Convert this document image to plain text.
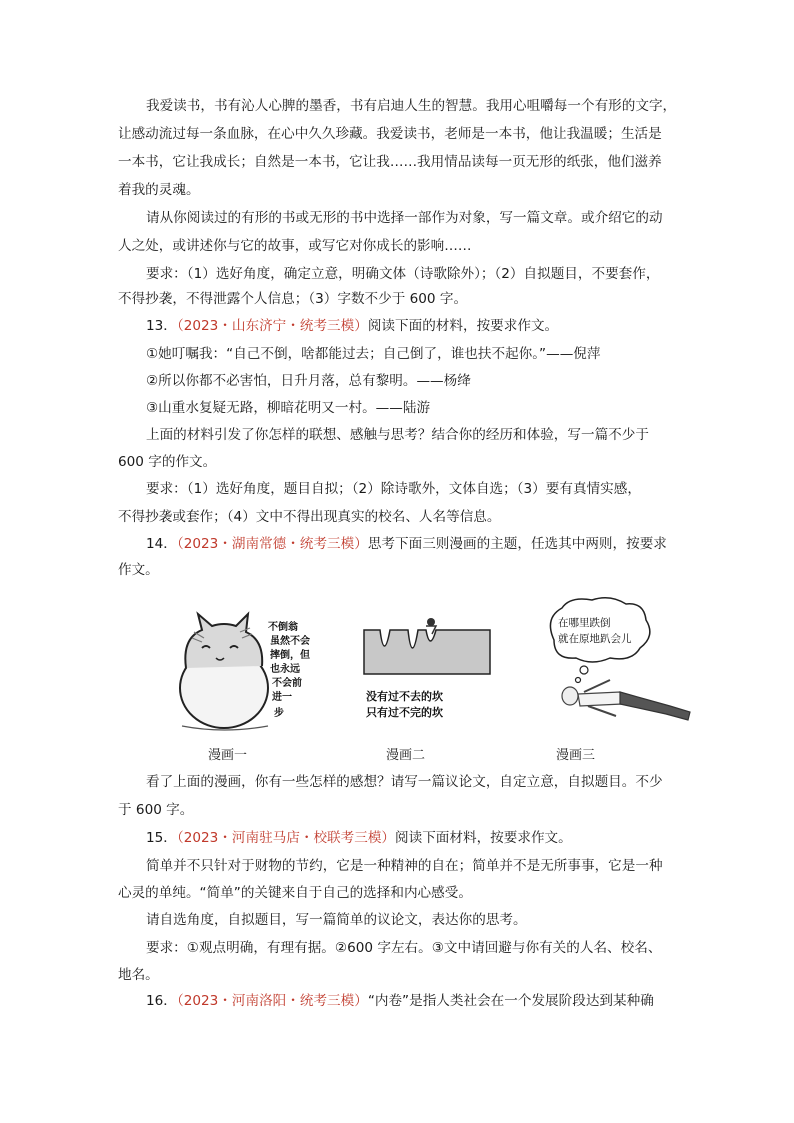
我爱读书，书有沁人心脾的墨香，书有启迪人生的智慧。我用心咀嚼每一个有形的文字，
让感动流过每一条血脉，在心中久久珍藏。我爱读书，老师是一本书，他让我温暖；生活是
一本书，它让我成长；自然是一本书，它让我……我用情品读每一页无形的纸张，他们滋养
着我的灵魂。
请从你阅读过的有形的书或无形的书中选择一部作为对象，写一篇文章。或介绍它的动
人之处，或讲述你与它的故事，或写它对你成长的影响……
要求：（1）选好角度，确定立意，明确文体（诗歌除外）；（2）自拟题目，不要套作，
不得抄袭，不得泄露个人信息；（3）字数不少于 600 字。
13．（2023・山东济宁・统考三模）阅读下面的材料，按要求作文。
①她叮嘱我：“自己不倒，啥都能过去；自己倒了，谁也扶不起你。”——倪萍
②所以你都不必害怕，日升月落，总有黎明。——杨绛
③山重水复疑无路，柳暗花明又一村。——陆游
上面的材料引发了你怎样的联想、感触与思考？结合你的经历和体验，写一篇不少于
600 字的作文。
要求：（1）选好角度，题目自拟；（2）除诗歌外，文体自选；（3）要有真情实感，
不得抄袭或套作；（4）文中不得出现真实的校名、人名等信息。
14．（2023・湖南常德・统考三模）思考下面三则漫画的主题，任选其中两则，按要求
作文。
不倒翁
虽然不会
摔倒，但
也永远
不会前
进一
步
没有过不去的坎
只有过不完的坎
在哪里跌倒
就在原地趴会儿
漫画一	漫画二	漫画三
看了上面的漫画，你有一些怎样的感想？请写一篇议论文，自定立意，自拟题目。不少
于 600 字。
15．（2023・河南驻马店・校联考三模）阅读下面材料，按要求作文。
简单并不只针对于财物的节约，它是一种精神的自在；简单并不是无所事事，它是一种
心灵的单纯。“简单”的关键来自于自己的选择和内心感受。
请自选角度，自拟题目，写一篇简单的议论文，表达你的思考。
要求：①观点明确，有理有据。②600 字左右。③文中请回避与你有关的人名、校名、
地名。
16．（2023・河南洛阳・统考三模）“内卷”是指人类社会在一个发展阶段达到某种确
